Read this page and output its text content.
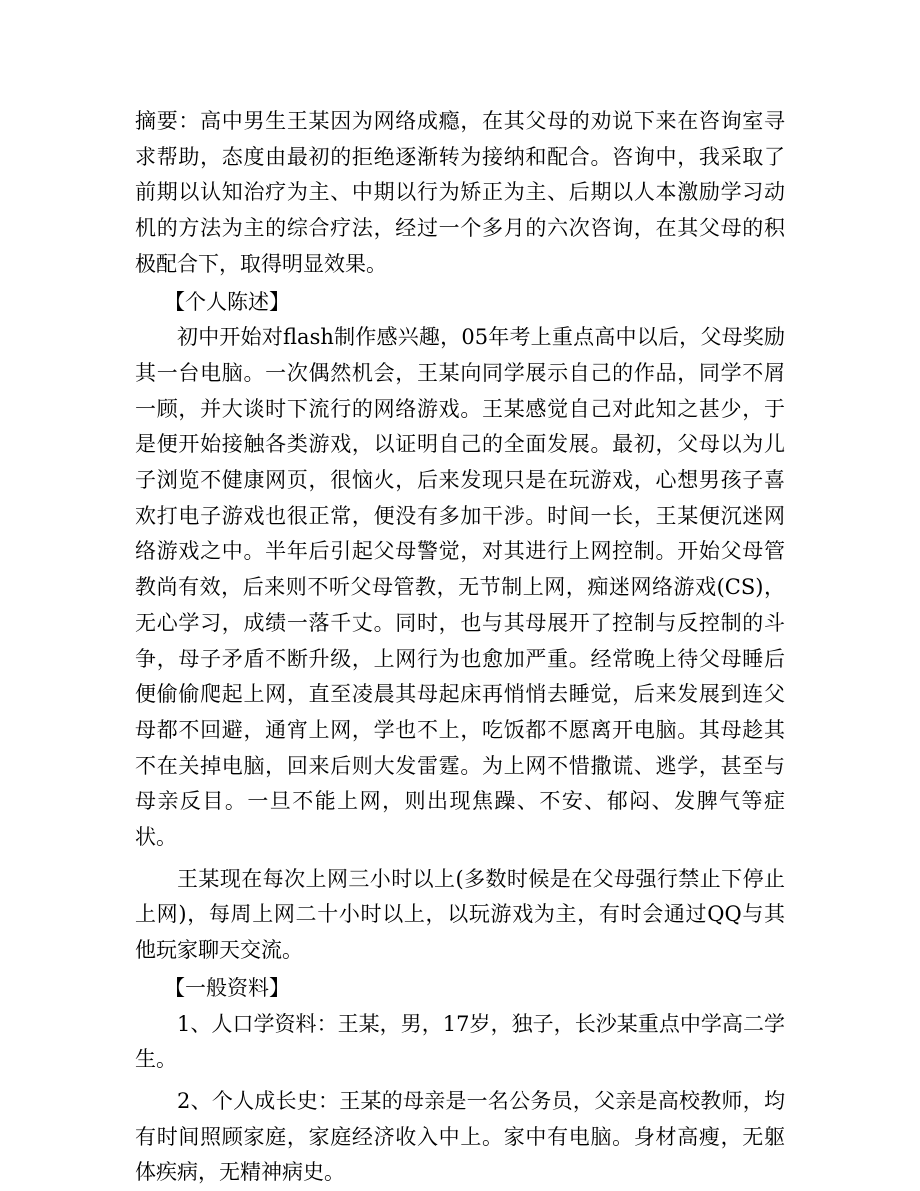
摘要：高中男生王某因为网络成瘾，在其父母的劝说下来在咨询室寻求帮助，态度由最初的拒绝逐渐转为接纳和配合。咨询中，我采取了前期以认知治疗为主、中期以行为矫正为主、后期以人本激励学习动机的方法为主的综合疗法，经过一个多月的六次咨询，在其父母的积极配合下，取得明显效果。

【个人陈述】

初中开始对flash制作感兴趣，05年考上重点高中以后，父母奖励其一台电脑。一次偶然机会，王某向同学展示自己的作品，同学不屑一顾，并大谈时下流行的网络游戏。王某感觉自己对此知之甚少，于是便开始接触各类游戏，以证明自己的全面发展。最初，父母以为儿子浏览不健康网页，很恼火，后来发现只是在玩游戏，心想男孩子喜欢打电子游戏也很正常，便没有多加干涉。时间一长，王某便沉迷网络游戏之中。半年后引起父母警觉，对其进行上网控制。开始父母管教尚有效，后来则不听父母管教，无节制上网，痴迷网络游戏(CS)，无心学习，成绩一落千丈。同时，也与其母展开了控制与反控制的斗争，母子矛盾不断升级，上网行为也愈加严重。经常晚上待父母睡后便偷偷爬起上网，直至凌晨其母起床再悄悄去睡觉，后来发展到连父母都不回避，通宵上网，学也不上，吃饭都不愿离开电脑。其母趁其不在关掉电脑，回来后则大发雷霆。为上网不惜撒谎、逃学，甚至与母亲反目。一旦不能上网，则出现焦躁、不安、郁闷、发脾气等症状。

王某现在每次上网三小时以上(多数时候是在父母强行禁止下停止上网)，每周上网二十小时以上，以玩游戏为主，有时会通过QQ与其他玩家聊天交流。

【一般资料】

1、人口学资料：王某，男，17岁，独子，长沙某重点中学高二学生。

2、个人成长史：王某的母亲是一名公务员，父亲是高校教师，均有时间照顾家庭，家庭经济收入中上。家中有电脑。身材高瘦，无躯体疾病，无精神病史。
